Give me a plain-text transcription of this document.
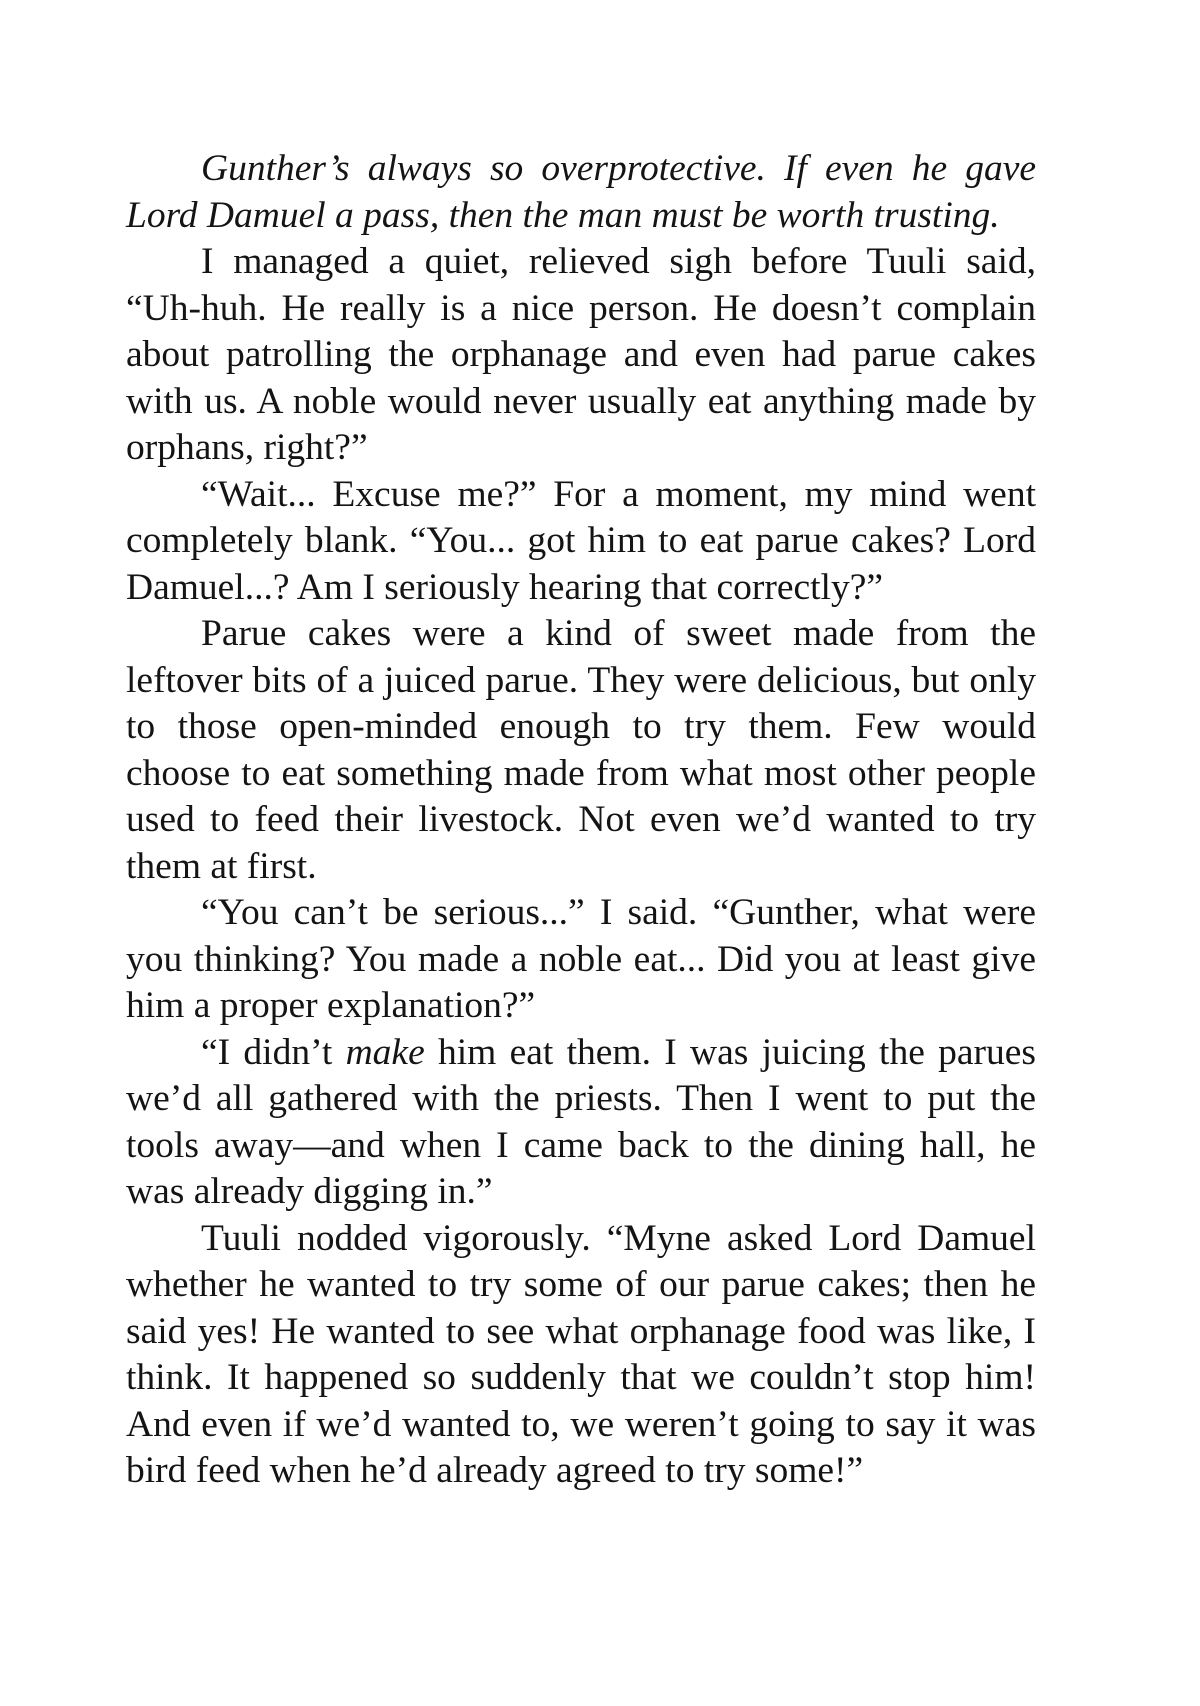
Gunther’s always so overprotective. If even he gave Lord Damuel a pass, then the man must be worth trusting.

I managed a quiet, relieved sigh before Tuuli said, “Uh-huh. He really is a nice person. He doesn’t complain about patrolling the orphanage and even had parue cakes with us. A noble would never usually eat anything made by orphans, right?”

“Wait... Excuse me?” For a moment, my mind went completely blank. “You... got him to eat parue cakes? Lord Damuel...? Am I seriously hearing that correctly?”

Parue cakes were a kind of sweet made from the leftover bits of a juiced parue. They were delicious, but only to those open-minded enough to try them. Few would choose to eat something made from what most other people used to feed their livestock. Not even we’d wanted to try them at first.

“You can’t be serious...” I said. “Gunther, what were you thinking? You made a noble eat... Did you at least give him a proper explanation?”

“I didn’t make him eat them. I was juicing the parues we’d all gathered with the priests. Then I went to put the tools away—and when I came back to the dining hall, he was already digging in.”

Tuuli nodded vigorously. “Myne asked Lord Damuel whether he wanted to try some of our parue cakes; then he said yes! He wanted to see what orphanage food was like, I think. It happened so suddenly that we couldn’t stop him! And even if we’d wanted to, we weren’t going to say it was bird feed when he’d already agreed to try some!”
